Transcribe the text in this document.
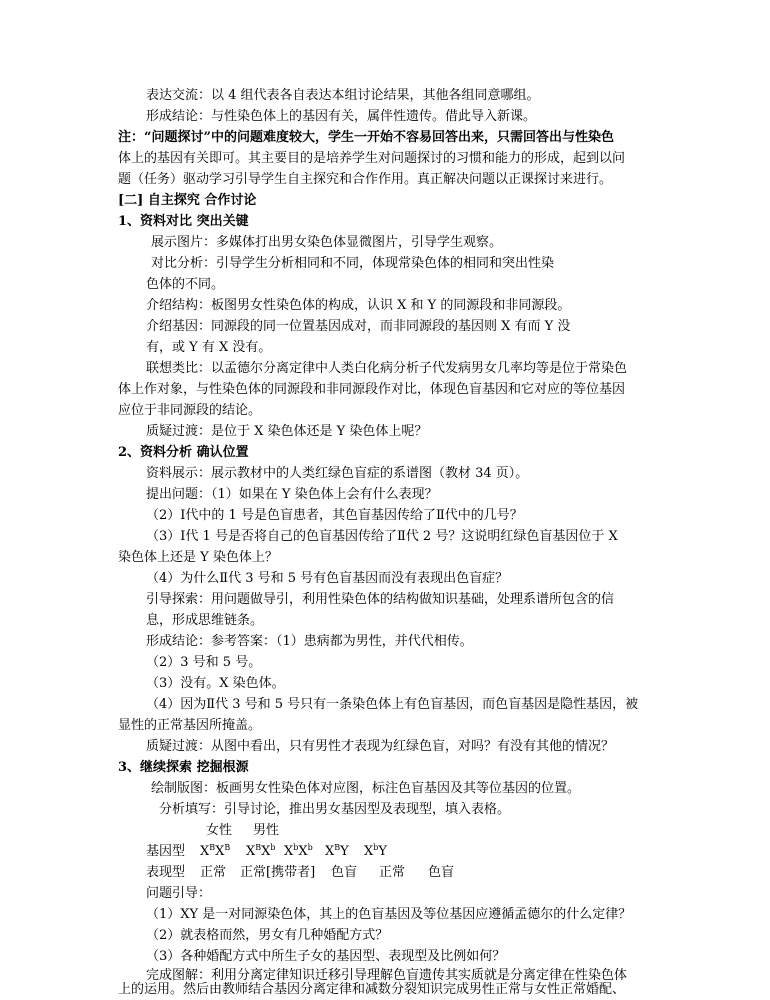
表达交流：以 4 组代表各自表达本组讨论结果，其他各组同意哪组。
形成结论：与性染色体上的基因有关，属伴性遗传。借此导入新课。
注：“问题探讨”中的问题难度较大，学生一开始不容易回答出来，只需回答出与性染色
体上的基因有关即可。其主要目的是培养学生对问题探讨的习惯和能力的形成，起到以问
题（任务）驱动学习引导学生自主探究和合作作用。真正解决问题以正课探讨来进行。
[二] 自主探究 合作讨论
1、资料对比 突出关键
展示图片：多媒体打出男女染色体显微图片，引导学生观察。
对比分析：引导学生分析相同和不同，体现常染色体的相同和突出性染
色体的不同。
介绍结构：板图男女性染色体的构成，认识 X 和 Y 的同源段和非同源段。
介绍基因：同源段的同一位置基因成对，而非同源段的基因则 X 有而 Y 没
有，或 Y 有 X 没有。
联想类比：以孟德尔分离定律中人类白化病分析子代发病男女几率均等是位于常染色
体上作对象，与性染色体的同源段和非同源段作对比，体现色盲基因和它对应的等位基因
应位于非同源段的结论。
质疑过渡：是位于 X 染色体还是 Y 染色体上呢？
2、资料分析 确认位置
资料展示：展示教材中的人类红绿色盲症的系谱图（教材 34 页）。
提出问题：（1）如果在 Y 染色体上会有什么表现？
（2）Ⅰ代中的 1 号是色盲患者，其色盲基因传给了Ⅱ代中的几号？
（3）Ⅰ代 1 号是否将自己的色盲基因传给了Ⅱ代 2 号？这说明红绿色盲基因位于 X
染色体上还是 Y 染色体上？
（4）为什么Ⅱ代 3 号和 5 号有色盲基因而没有表现出色盲症？
引导探索：用问题做导引，利用性染色体的结构做知识基础，处理系谱所包含的信
息，形成思维链条。
形成结论：参考答案：（1）患病都为男性，并代代相传。
（2）3 号和 5 号。
（3）没有。X 染色体。
（4）因为Ⅱ代 3 号和 5 号只有一条染色体上有色盲基因，而色盲基因是隐性基因，被
显性的正常基因所掩盖。
质疑过渡：从图中看出，只有男性才表现为红绿色盲，对吗？有没有其他的情况？
3、继续探索 挖掘根源
绘制版图：板画男女性染色体对应图，标注色盲基因及其等位基因的位置。
分析填写：引导讨论，推出男女基因型及表现型，填入表格。
女性 男性
基因型 $X^BX^B$ $X^BX^b$ $X^bX^b$ $X^BY$ $X^bY$
表现型 正常 正常[携带者] 色盲 正常 色盲
问题引导：
（1）XY 是一对同源染色体，其上的色盲基因及等位基因应遵循孟德尔的什么定律？
（2）就表格而然，男女有几种婚配方式？
（3）各种婚配方式中所生子女的基因型、表现型及比例如何？
完成图解：利用分离定律知识迁移引导理解色盲遗传其实质就是分离定律在性染色体
上的运用。然后由教师结合基因分离定律和减数分裂知识完成男性正常与女性正常婚配、
